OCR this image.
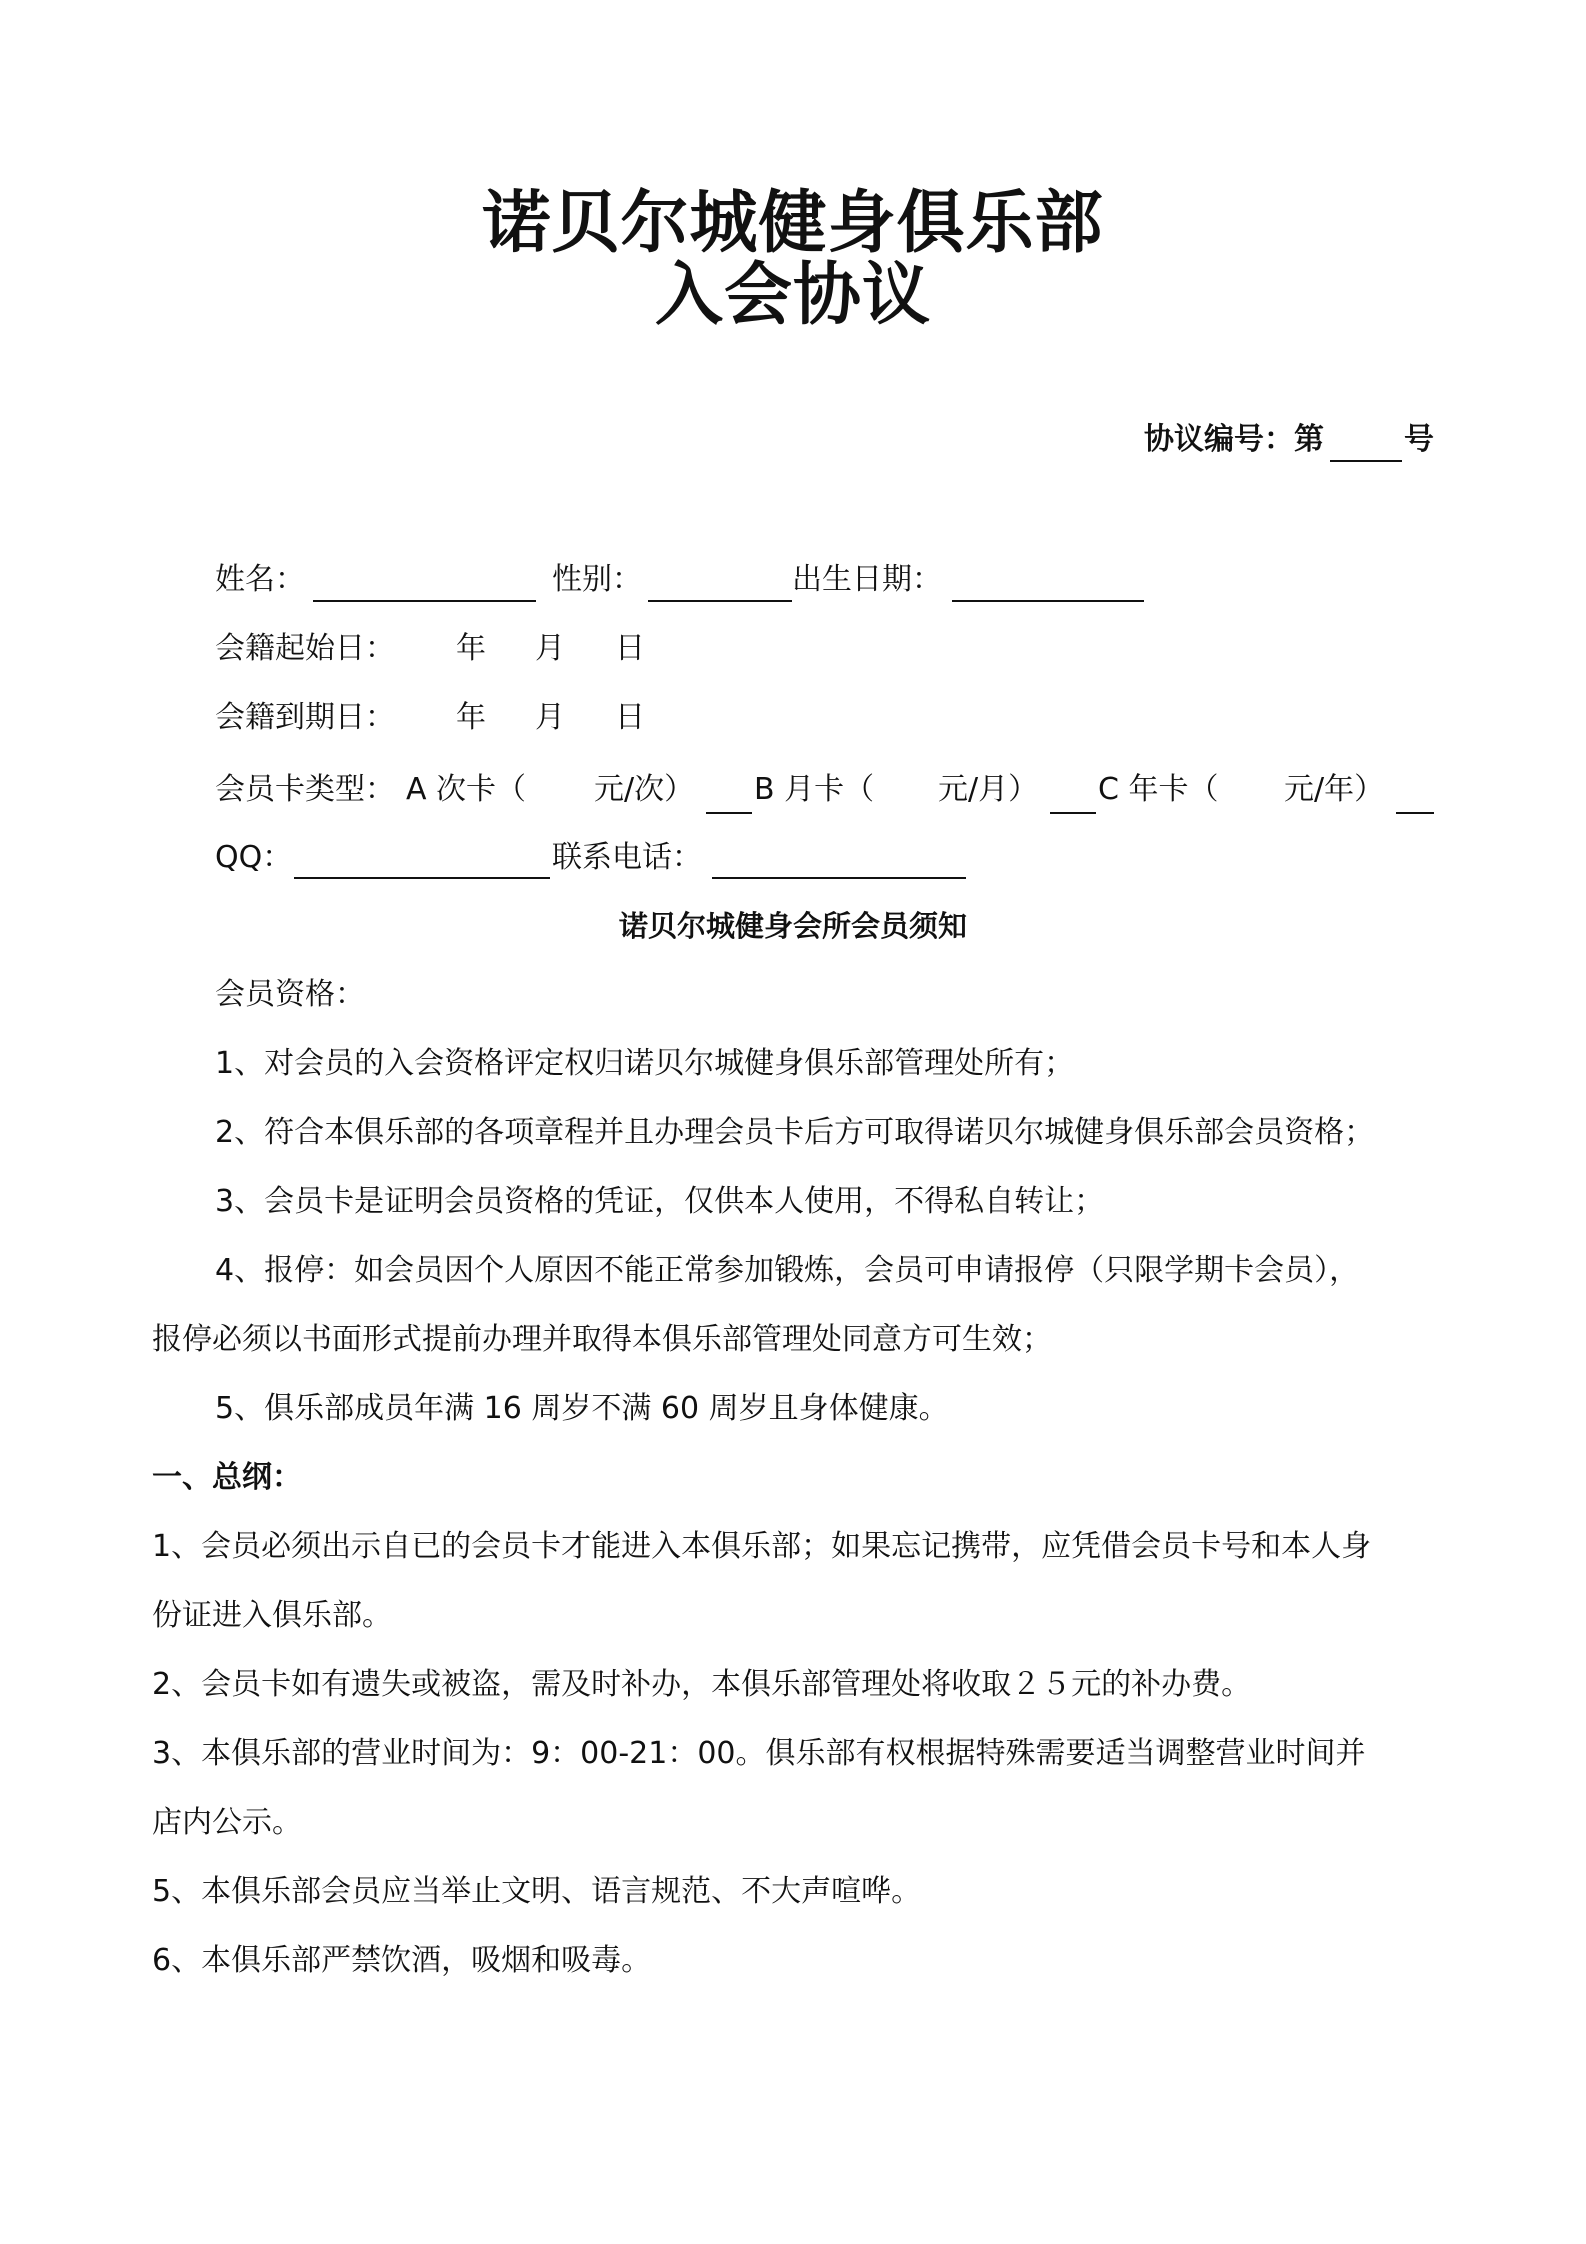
诺贝尔城健身俱乐部
入会协议
协议编号：第	号
姓名：	性别：	出生日期：
会籍起始日： 年 月 日
会籍到期日： 年 月 日
会员卡类型： A 次卡（ 元/次） B 月卡（ 元/月） C 年卡（ 元/年）
QQ：	联系电话：
诺贝尔城健身会所会员须知
会员资格：
1、对会员的入会资格评定权归诺贝尔城健身俱乐部管理处所有；
2、符合本俱乐部的各项章程并且办理会员卡后方可取得诺贝尔城健身俱乐部会员资格；
3、会员卡是证明会员资格的凭证，仅供本人使用，不得私自转让；
4、报停：如会员因个人原因不能正常参加锻炼，会员可申请报停（只限学期卡会员），
报停必须以书面形式提前办理并取得本俱乐部管理处同意方可生效；
5、俱乐部成员年满 16 周岁不满 60 周岁且身体健康。
一、总纲：
1、会员必须出示自已的会员卡才能进入本俱乐部；如果忘记携带，应凭借会员卡号和本人身
份证进入俱乐部。
2、会员卡如有遗失或被盗，需及时补办，本俱乐部管理处将收取２５元的补办费。
3、本俱乐部的营业时间为：9：00-21：00。俱乐部有权根据特殊需要适当调整营业时间并
店内公示。
5、本俱乐部会员应当举止文明、语言规范、不大声喧哗。
6、本俱乐部严禁饮酒，吸烟和吸毒。
